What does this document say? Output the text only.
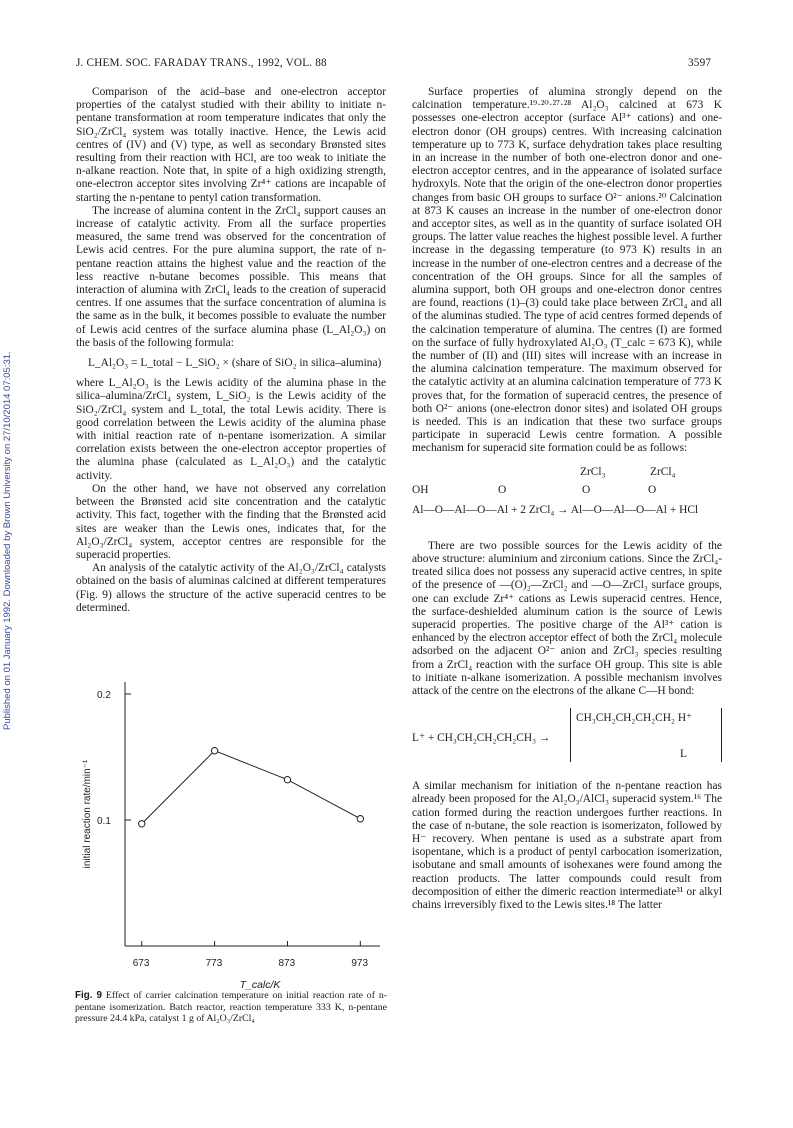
Published on 01 January 1992. Downloaded by Brown University on 27/10/2014 07:05:31.
J. CHEM. SOC. FARADAY TRANS., 1992, VOL. 88	3597

Comparison of the acid–base and one-electron acceptor properties of the catalyst studied with their ability to initiate n-pentane transformation at room temperature indicates that only the SiO₂/ZrCl₄ system was totally inactive. Hence, the Lewis acid centres of (IV) and (V) type, as well as secondary Brønsted sites resulting from their reaction with HCl, are too weak to initiate the n-alkane reaction. Note that, in spite of a high oxidizing strength, one-electron acceptor sites involving Zr⁴⁺ cations are incapable of starting the n-pentane to pentyl cation transformation.

The increase of alumina content in the ZrCl₄ support causes an increase of catalytic activity. From all the surface properties measured, the same trend was observed for the concentration of Lewis acid centres. For the pure alumina support, the rate of n-pentane reaction attains the highest value and the reaction of the less reactive n-butane becomes possible. This means that interaction of alumina with ZrCl₄ leads to the creation of superacid centres. If one assumes that the surface concentration of alumina is the same as in the bulk, it becomes possible to evaluate the number of Lewis acid centres of the surface alumina phase (L_Al₂O₃) on the basis of the following formula:

L_Al₂O₃ = L_total − L_SiO₂ × (share of SiO₂ in silica–alumina)

where L_Al₂O₃ is the Lewis acidity of the alumina phase in the silica–alumina/ZrCl₄ system, L_SiO₂ is the Lewis acidity of the SiO₂/ZrCl₄ system and L_total, the total Lewis acidity. There is good correlation between the Lewis acidity of the alumina phase with initial reaction rate of n-pentane isomerization. A similar correlation exists between the one-electron acceptor properties of the alumina phase (calculated as L_Al₂O₃) and the catalytic activity.

On the other hand, we have not observed any correlation between the Brønsted acid site concentration and the catalytic activity. This fact, together with the finding that the Brønsted acid sites are weaker than the Lewis ones, indicates that, for the Al₂O₃/ZrCl₄ system, acceptor centres are responsible for the superacid properties.

An analysis of the catalytic activity of the Al₂O₃/ZrCl₄ catalysts obtained on the basis of aluminas calcined at different temperatures (Fig. 9) allows the structure of the active superacid centres to be determined.

0.1
0.2
673	773	873	973
T_calc/K
initial reaction rate/min⁻¹
Fig. 9 Effect of carrier calcination temperature on initial reaction rate of n-pentane isomerization. Batch reactor, reaction temperature 333 K, n-pentane pressure 24.4 kPa, catalyst 1 g of Al₂O₃/ZrCl₄

Surface properties of alumina strongly depend on the calcination temperature.¹⁹·²⁰·²⁷·²⁸ Al₂O₃ calcined at 673 K possesses one-electron acceptor (surface Al³⁺ cations) and one-electron donor (OH groups) centres. With increasing calcination temperature up to 773 K, surface dehydration takes place resulting in an increase in the number of both one-electron donor and one-electron acceptor centres, and in the appearance of isolated surface hydroxyls. Note that the origin of the one-electron donor properties changes from basic OH groups to surface O²⁻ anions.²⁰ Calcination at 873 K causes an increase in the number of one-electron donor and acceptor sites, as well as in the quantity of surface isolated OH groups. The latter value reaches the highest possible level. A further increase in the degassing temperature (to 973 K) results in an increase in the number of one-electron centres and a decrease of the concentration of the OH groups. Since for all the samples of alumina support, both OH groups and one-electron donor centres are found, reactions (1)–(3) could take place between ZrCl₄ and all of the aluminas studied. The type of acid centres formed depends of the calcination temperature of alumina. The centres (I) are formed on the surface of fully hydroxylated Al₂O₃ (T_calc = 673 K), while the number of (II) and (III) sites will increase with an increase in the alumina calcination temperature. The maximum observed for the catalytic activity at an alumina calcination temperature of 773 K proves that, for the formation of superacid centres, the presence of both O²⁻ anions (one-electron donor sites) and isolated OH groups is needed. This is an indication that these two surface groups participate in superacid Lewis centre formation. A possible mechanism for superacid site formation could be as follows:

ZrCl₃	ZrCl₄
OH	O	O	O
Al—O—Al—O—Al + 2 ZrCl₄ → Al—O—Al—O—Al + HCl

There are two possible sources for the Lewis acidity of the above structure: aluminium and zirconium cations. Since the ZrCl₄-treated silica does not possess any superacid active centres, in spite of the presence of —(O)₂—ZrCl₂ and —O—ZrCl₃ surface groups, one can exclude Zr⁴⁺ cations as Lewis superacid centres. Hence, the surface-deshielded aluminum cation is the source of Lewis superacid properties. The positive charge of the Al³⁺ cation is enhanced by the electron acceptor effect of both the ZrCl₄ molecule adsorbed on the adjacent O²⁻ anion and ZrCl₃ species resulting from a ZrCl₄ reaction with the surface OH group. This site is able to initiate n-alkane isomerization. A possible mechanism involves attack of the centre on the electrons of the alkane C—H bond:

L⁺ + CH₃CH₂CH₂CH₂CH₃ →
CH₃CH₂CH₂CH₂CH₂ H⁺
L

A similar mechanism for initiation of the n-pentane reaction has already been proposed for the Al₂O₃/AlCl₃ superacid system.¹⁶ The cation formed during the reaction undergoes further reactions. In the case of n-butane, the sole reaction is isomerizaton, followed by H⁻ recovery. When pentane is used as a substrate apart from isopentane, which is a product of pentyl carbocation isomerization, isobutane and small amounts of isohexanes were found among the reaction products. The latter compounds could result from decomposition of either the dimeric reaction intermediate³¹ or alkyl chains irreversibly fixed to the Lewis sites.¹⁸ The latter
